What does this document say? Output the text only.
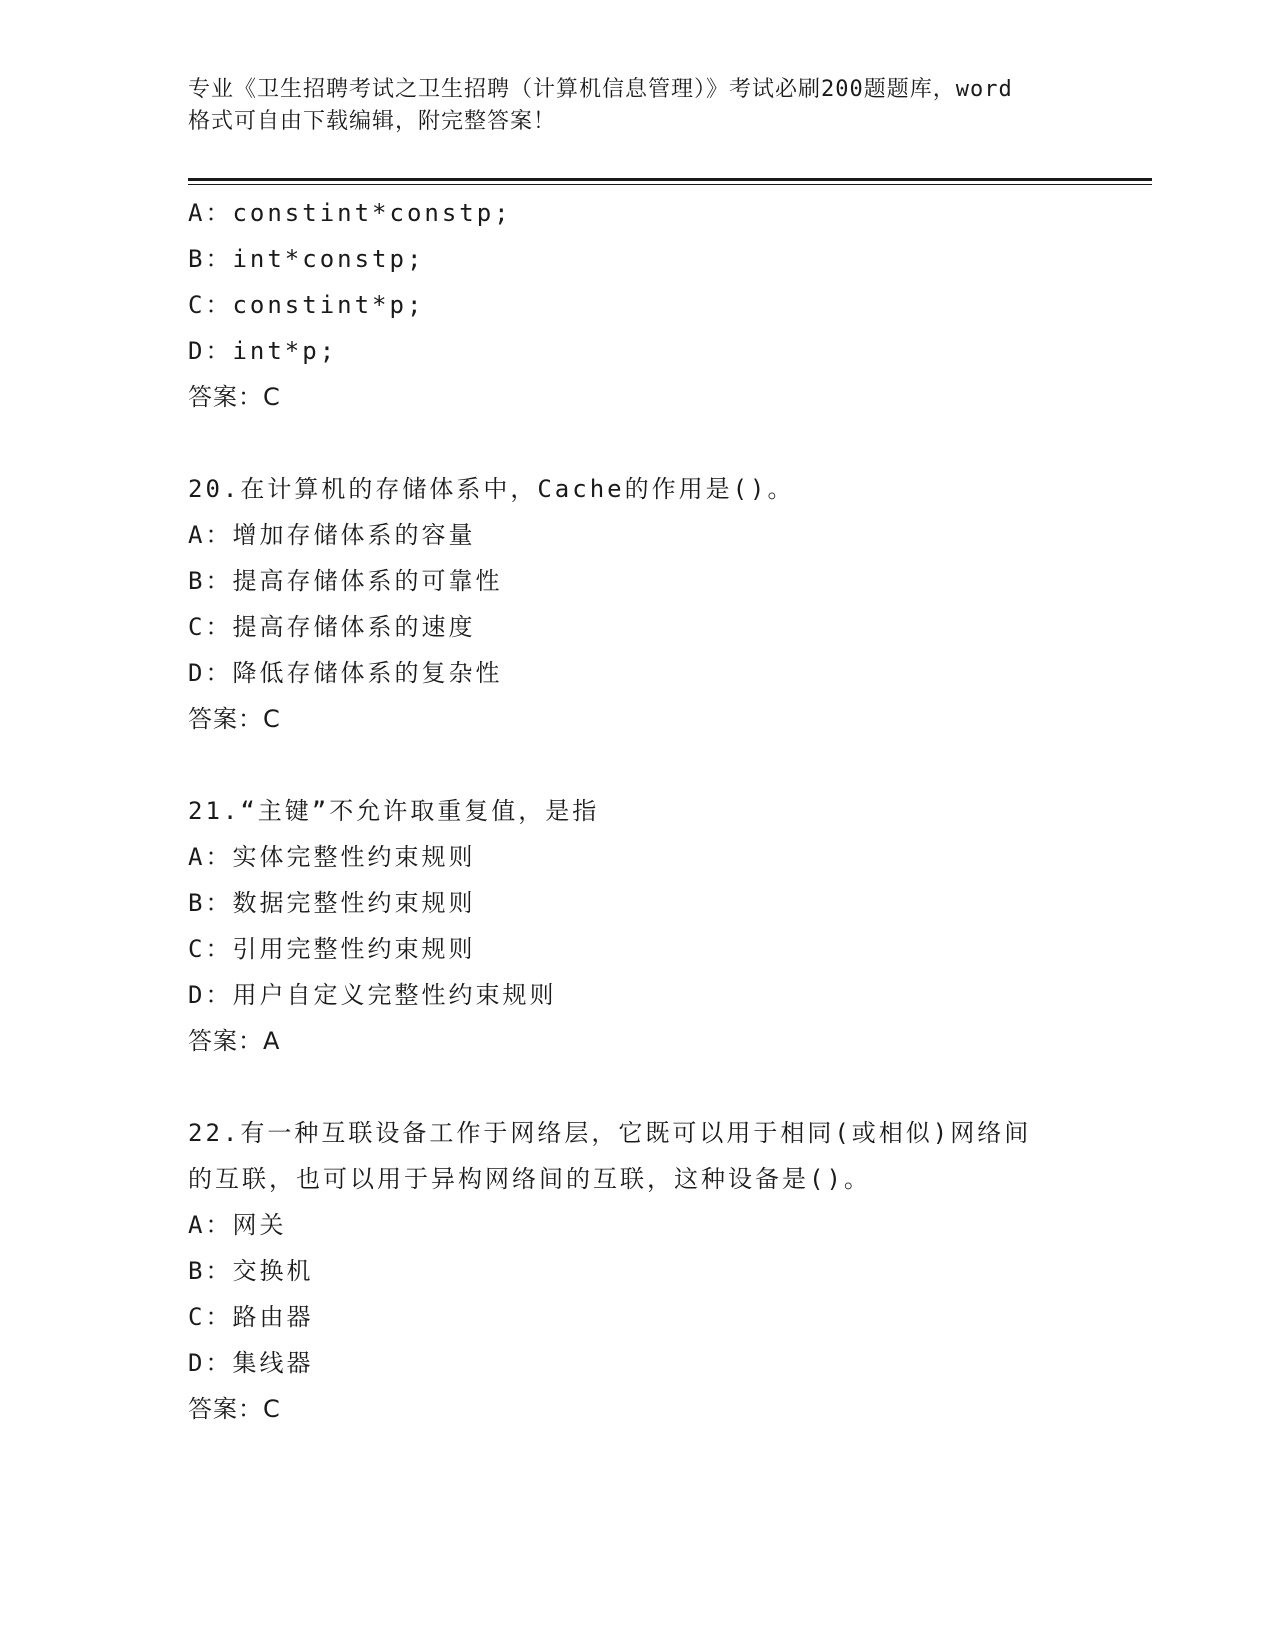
专业《卫生招聘考试之卫生招聘（计算机信息管理）》考试必刷200题题库，word
格式可自由下载编辑，附完整答案！
A：constint*constp;
B：int*constp;
C：constint*p;
D：int*p;
答案：C
20.在计算机的存储体系中，Cache的作用是()。
A：增加存储体系的容量
B：提高存储体系的可靠性
C：提高存储体系的速度
D：降低存储体系的复杂性
答案：C
21.“主键”不允许取重复值，是指
A：实体完整性约束规则
B：数据完整性约束规则
C：引用完整性约束规则
D：用户自定义完整性约束规则
答案：A
22.有一种互联设备工作于网络层，它既可以用于相同(或相似)网络间
的互联，也可以用于异构网络间的互联，这种设备是()。
A：网关
B：交换机
C：路由器
D：集线器
答案：C
